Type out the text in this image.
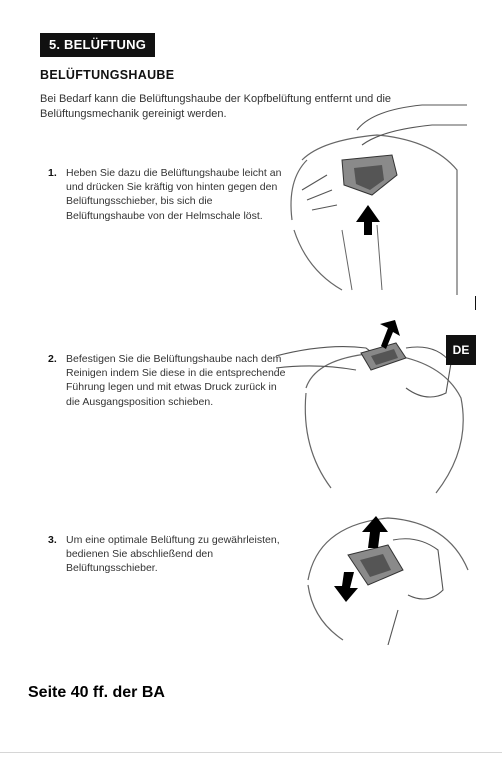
5. BELÜFTUNG
BELÜFTUNGSHAUBE
Bei Bedarf kann die Belüftungshaube der Kopfbelüftung entfernt und die Belüftungsmechanik gereinigt werden.
1. Heben Sie dazu die Belüftungshaube leicht an und drücken Sie kräftig von hinten gegen den Belüftungsschieber, bis sich die Belüftungshaube von der Helmschale löst.
2. Befestigen Sie die Belüftungshaube nach dem Reinigen indem Sie diese in die entsprechende Führung legen und mit etwas Druck zurück in die Ausgangsposition schieben.
3. Um eine optimale Belüftung zu gewährleisten, bedienen Sie abschließend den Belüftungsschieber.
DE
Seite 40 ff. der BA
